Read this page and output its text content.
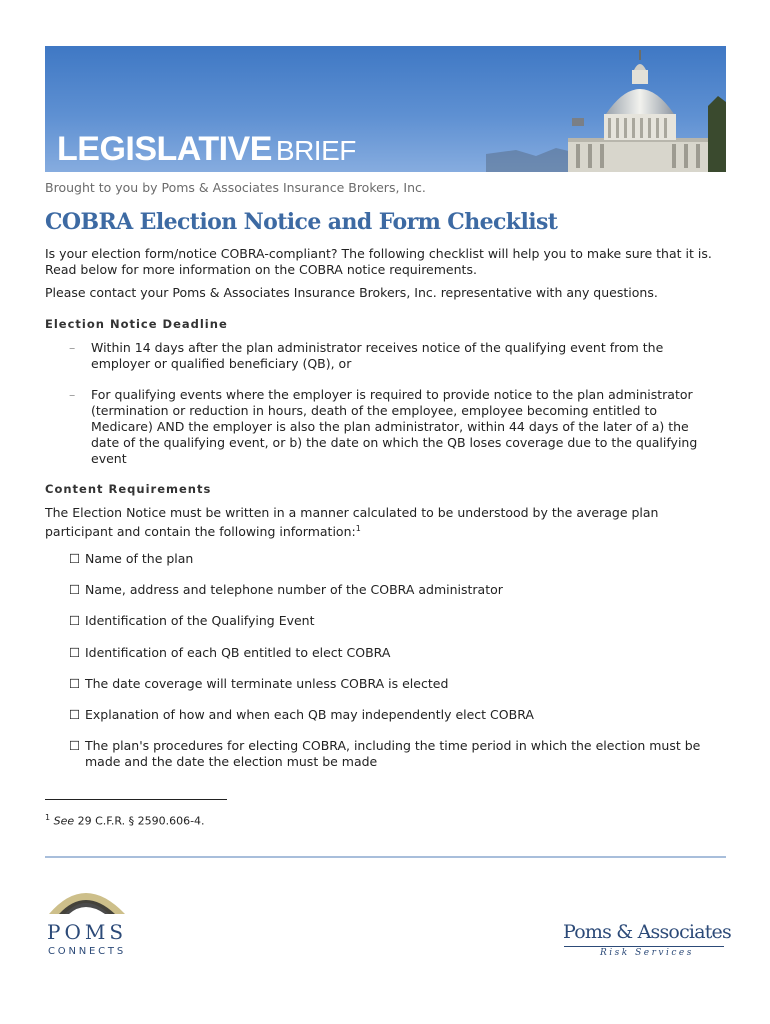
LEGISLATIVE BRIEF
Brought to you by Poms & Associates Insurance Brokers, Inc.
COBRA Election Notice and Form Checklist

Is your election form/notice COBRA-compliant? The following checklist will help you to make sure that it is. Read below for more information on the COBRA notice requirements.

Please contact your Poms & Associates Insurance Brokers, Inc. representative with any questions.

Election Notice Deadline
– Within 14 days after the plan administrator receives notice of the qualifying event from the employer or qualified beneficiary (QB), or
– For qualifying events where the employer is required to provide notice to the plan administrator (termination or reduction in hours, death of the employee, employee becoming entitled to Medicare) AND the employer is also the plan administrator, within 44 days of the later of a) the date of the qualifying event, or b) the date on which the QB loses coverage due to the qualifying event
Content Requirements

The Election Notice must be written in a manner calculated to be understood by the average plan participant and contain the following information:$^1$

☐ Name of the plan
☐ Name, address and telephone number of the COBRA administrator
☐ Identification of the Qualifying Event
☐ Identification of each QB entitled to elect COBRA
☐ The date coverage will terminate unless COBRA is elected
☐ Explanation of how and when each QB may independently elect COBRA
☐ The plan's procedures for electing COBRA, including the time period in which the election must be made and the date the election must be made
$^1$ See 29 C.F.R. § 2590.606-4.
POMS
CONNECTS
Poms & Associates
Risk Services
